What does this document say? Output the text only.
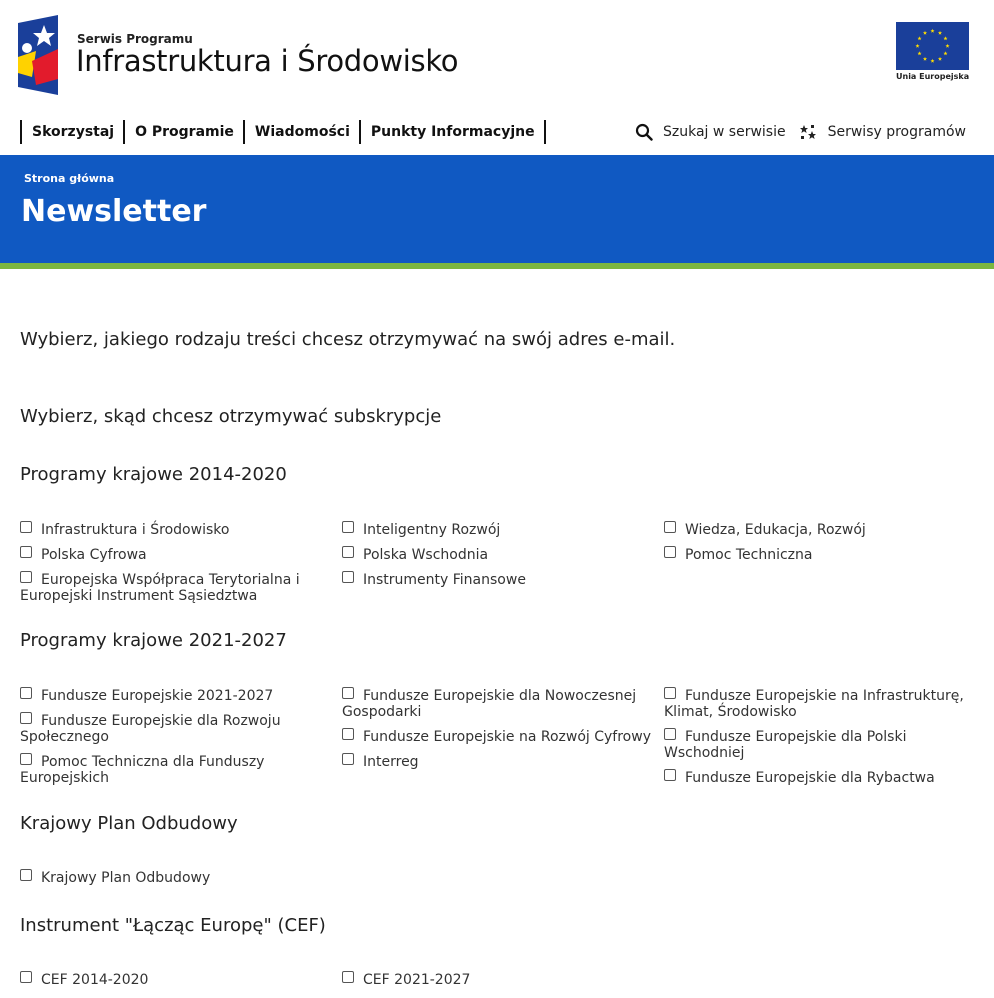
Serwis Programu
Infrastruktura i Środowisko	Unia Europejska
Skorzystaj	O Programie	Wiadomości	Punkty Informacyjne	Szukaj w serwisie	Serwisy programów
Strona główna
Newsletter
Wybierz, jakiego rodzaju treści chcesz otrzymywać na swój adres e-mail.
Wybierz, skąd chcesz otrzymywać subskrypcje
Programy krajowe 2014-2020
Infrastruktura i Środowisko
Polska Cyfrowa
Europejska Współpraca Terytorialna i Europejski Instrument Sąsiedztwa
Inteligentny Rozwój
Polska Wschodnia
Instrumenty Finansowe
Wiedza, Edukacja, Rozwój
Pomoc Techniczna
Programy krajowe 2021-2027
Fundusze Europejskie 2021-2027
Fundusze Europejskie dla Rozwoju Społecznego
Pomoc Techniczna dla Funduszy Europejskich
Fundusze Europejskie dla Nowoczesnej Gospodarki
Fundusze Europejskie na Rozwój Cyfrowy
Interreg
Fundusze Europejskie na Infrastrukturę, Klimat, Środowisko
Fundusze Europejskie dla Polski Wschodniej
Fundusze Europejskie dla Rybactwa
Krajowy Plan Odbudowy
Krajowy Plan Odbudowy
Instrument "Łącząc Europę" (CEF)
CEF 2014-2020	CEF 2021-2027
